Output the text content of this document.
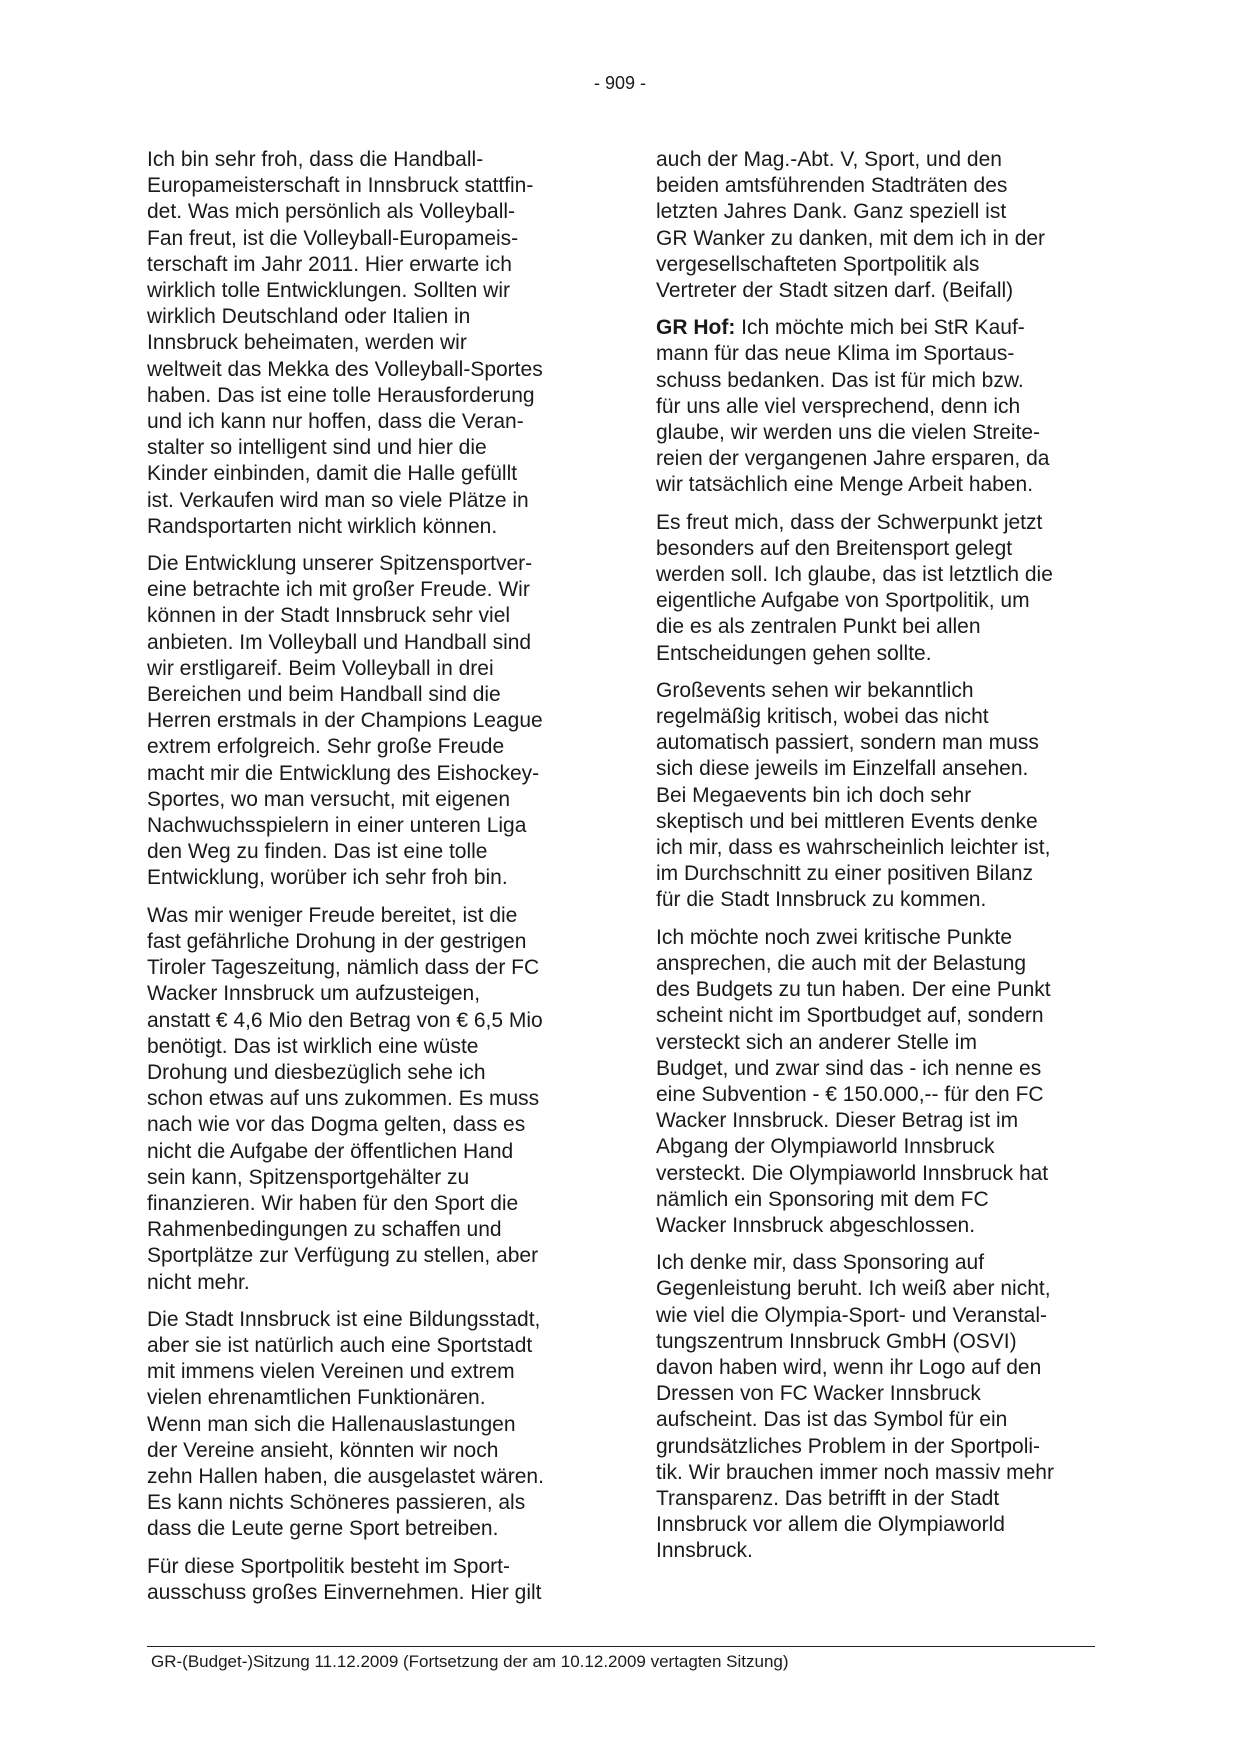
- 909 -

Ich bin sehr froh, dass die Handball-
Europameisterschaft in Innsbruck stattfin-
det. Was mich persönlich als Volleyball-
Fan freut, ist die Volleyball-Europameis-
terschaft im Jahr 2011. Hier erwarte ich
wirklich tolle Entwicklungen. Sollten wir
wirklich Deutschland oder Italien in
Innsbruck beheimaten, werden wir
weltweit das Mekka des Volleyball-Sportes
haben. Das ist eine tolle Herausforderung
und ich kann nur hoffen, dass die Veran-
stalter so intelligent sind und hier die
Kinder einbinden, damit die Halle gefüllt
ist. Verkaufen wird man so viele Plätze in
Randsportarten nicht wirklich können.

Die Entwicklung unserer Spitzensportver-
eine betrachte ich mit großer Freude. Wir
können in der Stadt Innsbruck sehr viel
anbieten. Im Volleyball und Handball sind
wir erstligareif. Beim Volleyball in drei
Bereichen und beim Handball sind die
Herren erstmals in der Champions League
extrem erfolgreich. Sehr große Freude
macht mir die Entwicklung des Eishockey-
Sportes, wo man versucht, mit eigenen
Nachwuchsspielern in einer unteren Liga
den Weg zu finden. Das ist eine tolle
Entwicklung, worüber ich sehr froh bin.

Was mir weniger Freude bereitet, ist die
fast gefährliche Drohung in der gestrigen
Tiroler Tageszeitung, nämlich dass der FC
Wacker Innsbruck um aufzusteigen,
anstatt € 4,6 Mio den Betrag von € 6,5 Mio
benötigt. Das ist wirklich eine wüste
Drohung und diesbezüglich sehe ich
schon etwas auf uns zukommen. Es muss
nach wie vor das Dogma gelten, dass es
nicht die Aufgabe der öffentlichen Hand
sein kann, Spitzensportgehälter zu
finanzieren. Wir haben für den Sport die
Rahmenbedingungen zu schaffen und
Sportplätze zur Verfügung zu stellen, aber
nicht mehr.

Die Stadt Innsbruck ist eine Bildungsstadt,
aber sie ist natürlich auch eine Sportstadt
mit immens vielen Vereinen und extrem
vielen ehrenamtlichen Funktionären.
Wenn man sich die Hallenauslastungen
der Vereine ansieht, könnten wir noch
zehn Hallen haben, die ausgelastet wären.
Es kann nichts Schöneres passieren, als
dass die Leute gerne Sport betreiben.

Für diese Sportpolitik besteht im Sport-
ausschuss großes Einvernehmen. Hier gilt

auch der Mag.-Abt. V, Sport, und den
beiden amtsführenden Stadträten des
letzten Jahres Dank. Ganz speziell ist
GR Wanker zu danken, mit dem ich in der
vergesellschafteten Sportpolitik als
Vertreter der Stadt sitzen darf. (Beifall)

GR Hof: Ich möchte mich bei StR Kauf-
mann für das neue Klima im Sportaus-
schuss bedanken. Das ist für mich bzw.
für uns alle viel versprechend, denn ich
glaube, wir werden uns die vielen Streite-
reien der vergangenen Jahre ersparen, da
wir tatsächlich eine Menge Arbeit haben.

Es freut mich, dass der Schwerpunkt jetzt
besonders auf den Breitensport gelegt
werden soll. Ich glaube, das ist letztlich die
eigentliche Aufgabe von Sportpolitik, um
die es als zentralen Punkt bei allen
Entscheidungen gehen sollte.

Großevents sehen wir bekanntlich
regelmäßig kritisch, wobei das nicht
automatisch passiert, sondern man muss
sich diese jeweils im Einzelfall ansehen.
Bei Megaevents bin ich doch sehr
skeptisch und bei mittleren Events denke
ich mir, dass es wahrscheinlich leichter ist,
im Durchschnitt zu einer positiven Bilanz
für die Stadt Innsbruck zu kommen.

Ich möchte noch zwei kritische Punkte
ansprechen, die auch mit der Belastung
des Budgets zu tun haben. Der eine Punkt
scheint nicht im Sportbudget auf, sondern
versteckt sich an anderer Stelle im
Budget, und zwar sind das - ich nenne es
eine Subvention - € 150.000,-- für den FC
Wacker Innsbruck. Dieser Betrag ist im
Abgang der Olympiaworld Innsbruck
versteckt. Die Olympiaworld Innsbruck hat
nämlich ein Sponsoring mit dem FC
Wacker Innsbruck abgeschlossen.

Ich denke mir, dass Sponsoring auf
Gegenleistung beruht. Ich weiß aber nicht,
wie viel die Olympia-Sport- und Veranstal-
tungszentrum Innsbruck GmbH (OSVI)
davon haben wird, wenn ihr Logo auf den
Dressen von FC Wacker Innsbruck
aufscheint. Das ist das Symbol für ein
grundsätzliches Problem in der Sportpoli-
tik. Wir brauchen immer noch massiv mehr
Transparenz. Das betrifft in der Stadt
Innsbruck vor allem die Olympiaworld
Innsbruck.

GR-(Budget-)Sitzung 11.12.2009 (Fortsetzung der am 10.12.2009 vertagten Sitzung)
